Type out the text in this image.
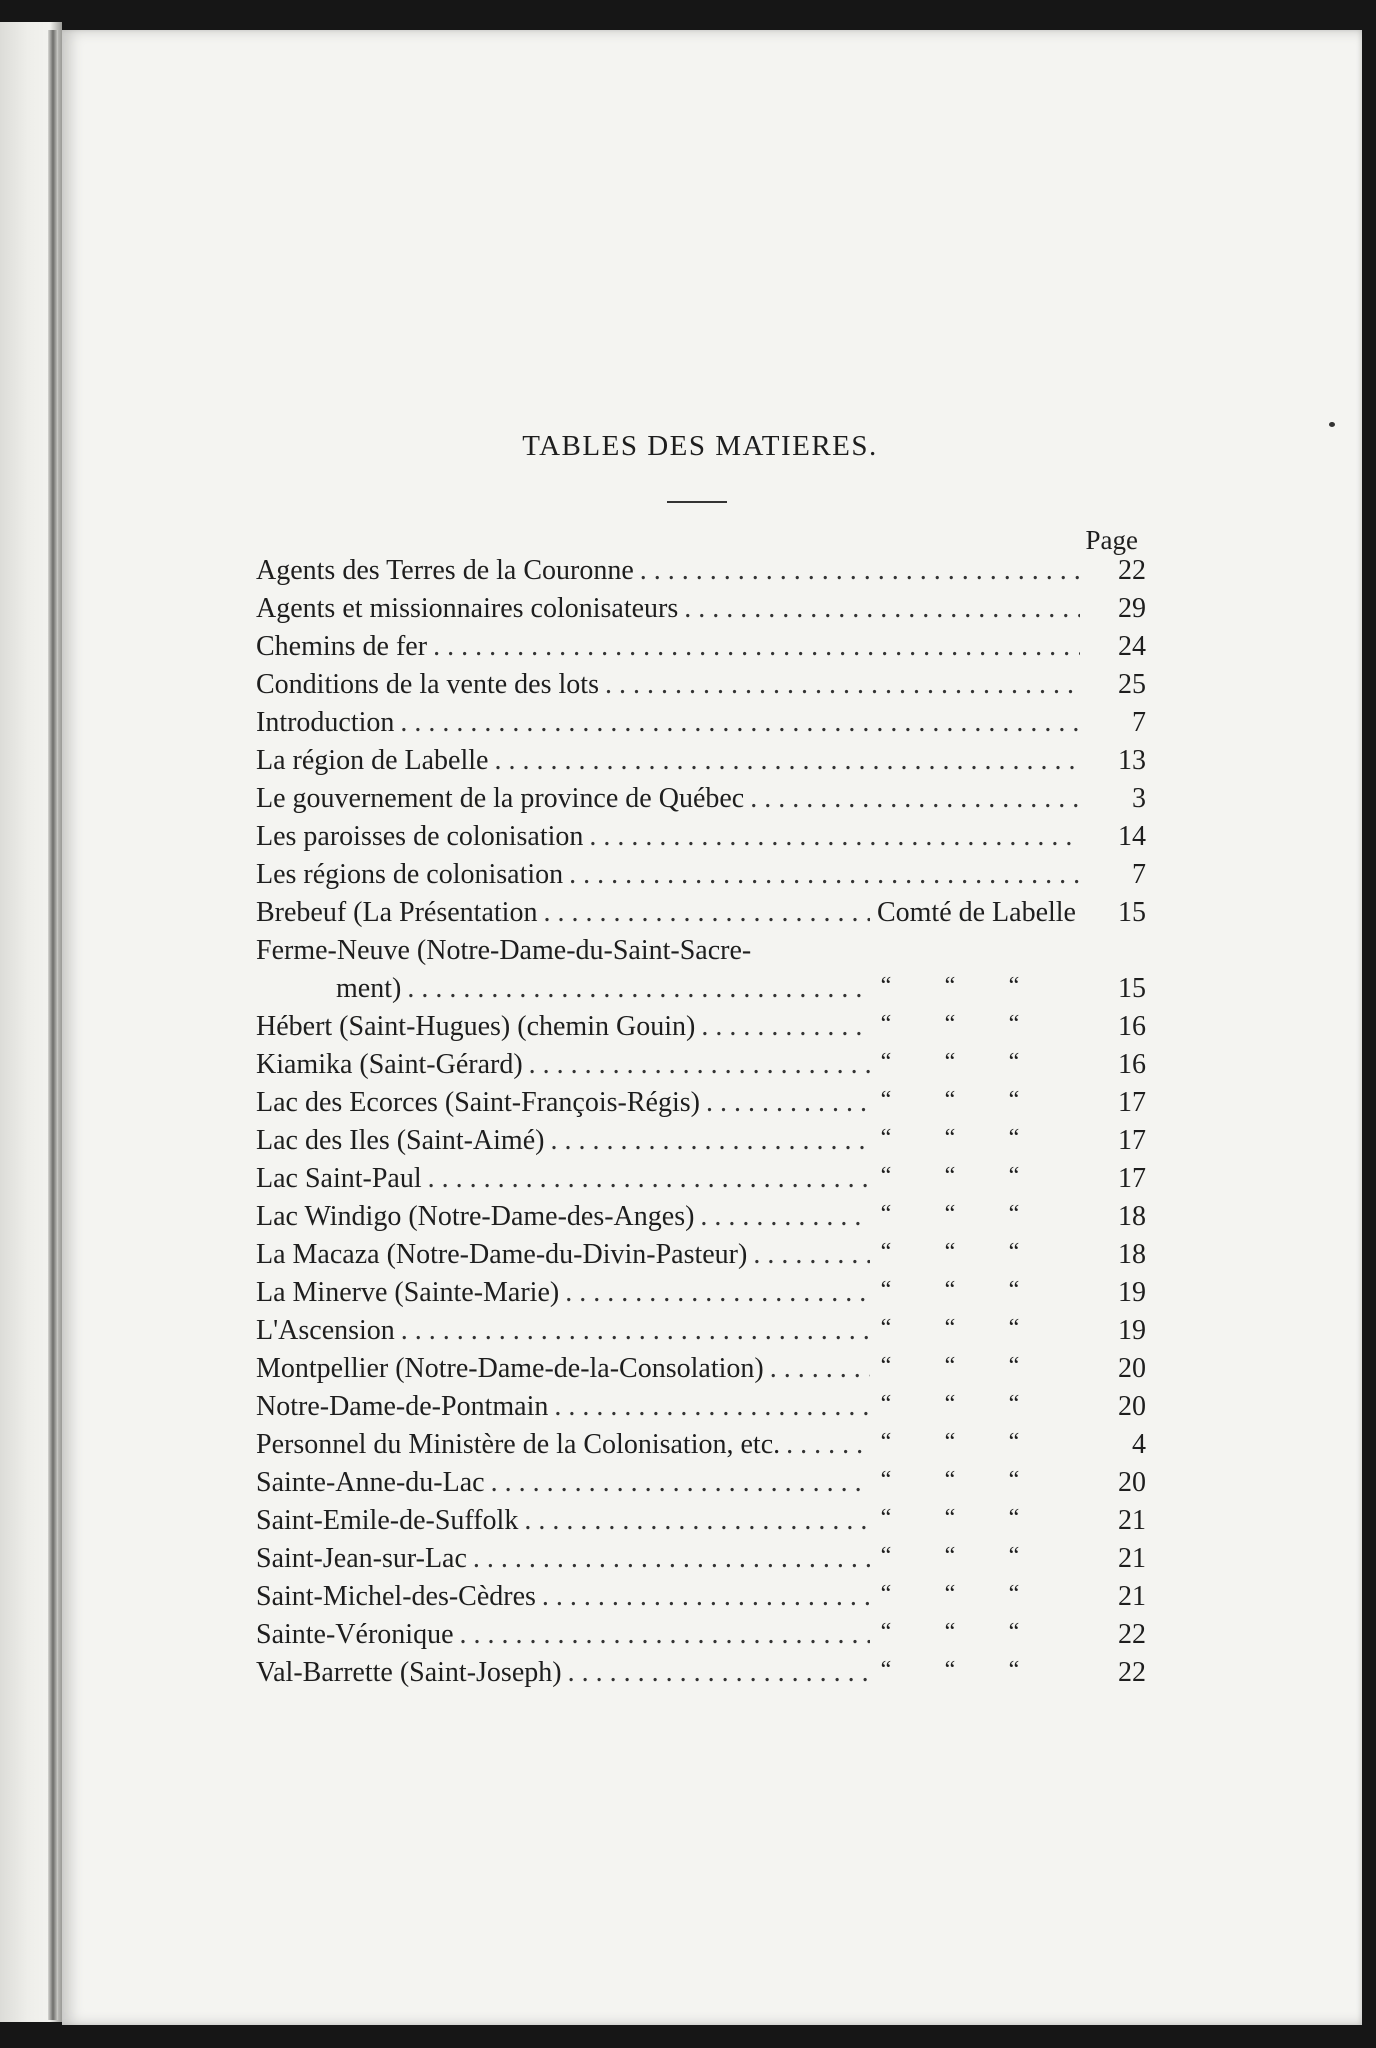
TABLES DES MATIERES.
Page
Agents des Terres de la Couronne . . .	22
Agents et missionnaires colonisateurs . . .	29
Chemins de fer . . .	24
Conditions de la vente des lots . . .	25
Introduction . . .	7
La région de Labelle . . .	13
Le gouvernement de la province de Québec . . .	3
Les paroisses de colonisation . . .	14
Les régions de colonisation . . .	7
Brebeuf (La Présentation . . .	Comté de Labelle	15
Ferme-Neuve (Notre-Dame-du-Saint-Sacre-
ment) . . .	“ “ “	15
Hébert (Saint-Hugues) (chemin Gouin) . . .	“ “ “	16
Kiamika (Saint-Gérard) . . .	“ “ “	16
Lac des Ecorces (Saint-François-Régis) . . .	“ “ “	17
Lac des Iles (Saint-Aimé) . . .	“ “ “	17
Lac Saint-Paul . . .	“ “ “	17
Lac Windigo (Notre-Dame-des-Anges) . . .	“ “ “	18
La Macaza (Notre-Dame-du-Divin-Pasteur) . . .	“ “ “	18
La Minerve (Sainte-Marie) . . .	“ “ “	19
L'Ascension . . .	“ “ “	19
Montpellier (Notre-Dame-de-la-Consolation) . . .	“ “ “	20
Notre-Dame-de-Pontmain . . .	“ “ “	20
Personnel du Ministère de la Colonisation, etc. . . .	“ “ “	4
Sainte-Anne-du-Lac . . .	“ “ “	20
Saint-Emile-de-Suffolk . . .	“ “ “	21
Saint-Jean-sur-Lac . . .	“ “ “	21
Saint-Michel-des-Cèdres . . .	“ “ “	21
Sainte-Véronique . . .	“ “ “	22
Val-Barrette (Saint-Joseph) . . .	“ “ “	22
